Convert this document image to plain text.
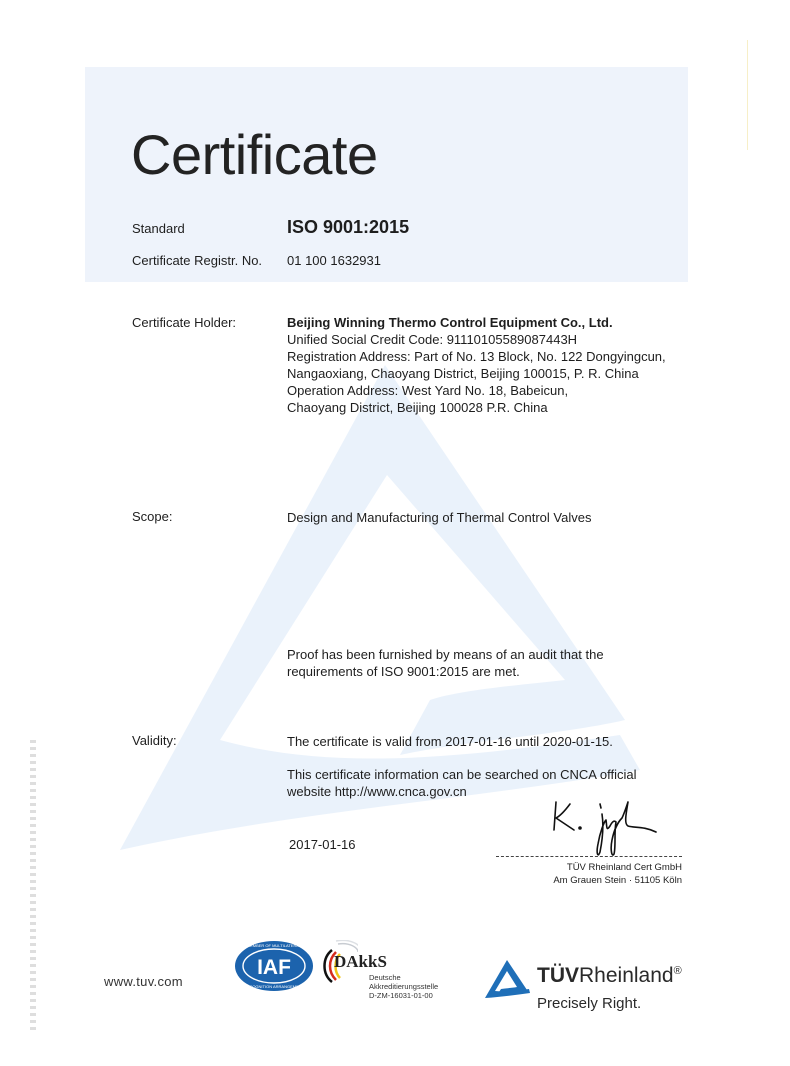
Certificate
Standard	ISO 9001:2015
Certificate Registr. No. 01 100 1632931
Certificate Holder:	Beijing Winning Thermo Control Equipment Co., Ltd.
Unified Social Credit Code: 91110105589087443H
Registration Address: Part of No. 13 Block, No. 122 Dongyingcun,
Nangaoxiang, Chaoyang District, Beijing 100015, P. R. China
Operation Address: West Yard No. 18, Babeicun,
Chaoyang District, Beijing 100028 P.R. China
Scope:	Design and Manufacturing of Thermal Control Valves
Proof has been furnished by means of an audit that the
requirements of ISO 9001:2015 are met.
Validity:	The certificate is valid from 2017-01-16 until 2020-01-15.
This certificate information can be searched on CNCA official
website http://www.cnca.gov.cn
2017-01-16
TÜV Rheinland Cert GmbH
Am Grauen Stein · 51105 Köln
www.tuv.com
IAF
MEMBER OF MULTILATERAL
RECOGNITION ARRANGEMENT
DAkkS
Deutsche
Akkreditierungsstelle
D-ZM-16031-01-00
TÜVRheinland®
Precisely Right.
